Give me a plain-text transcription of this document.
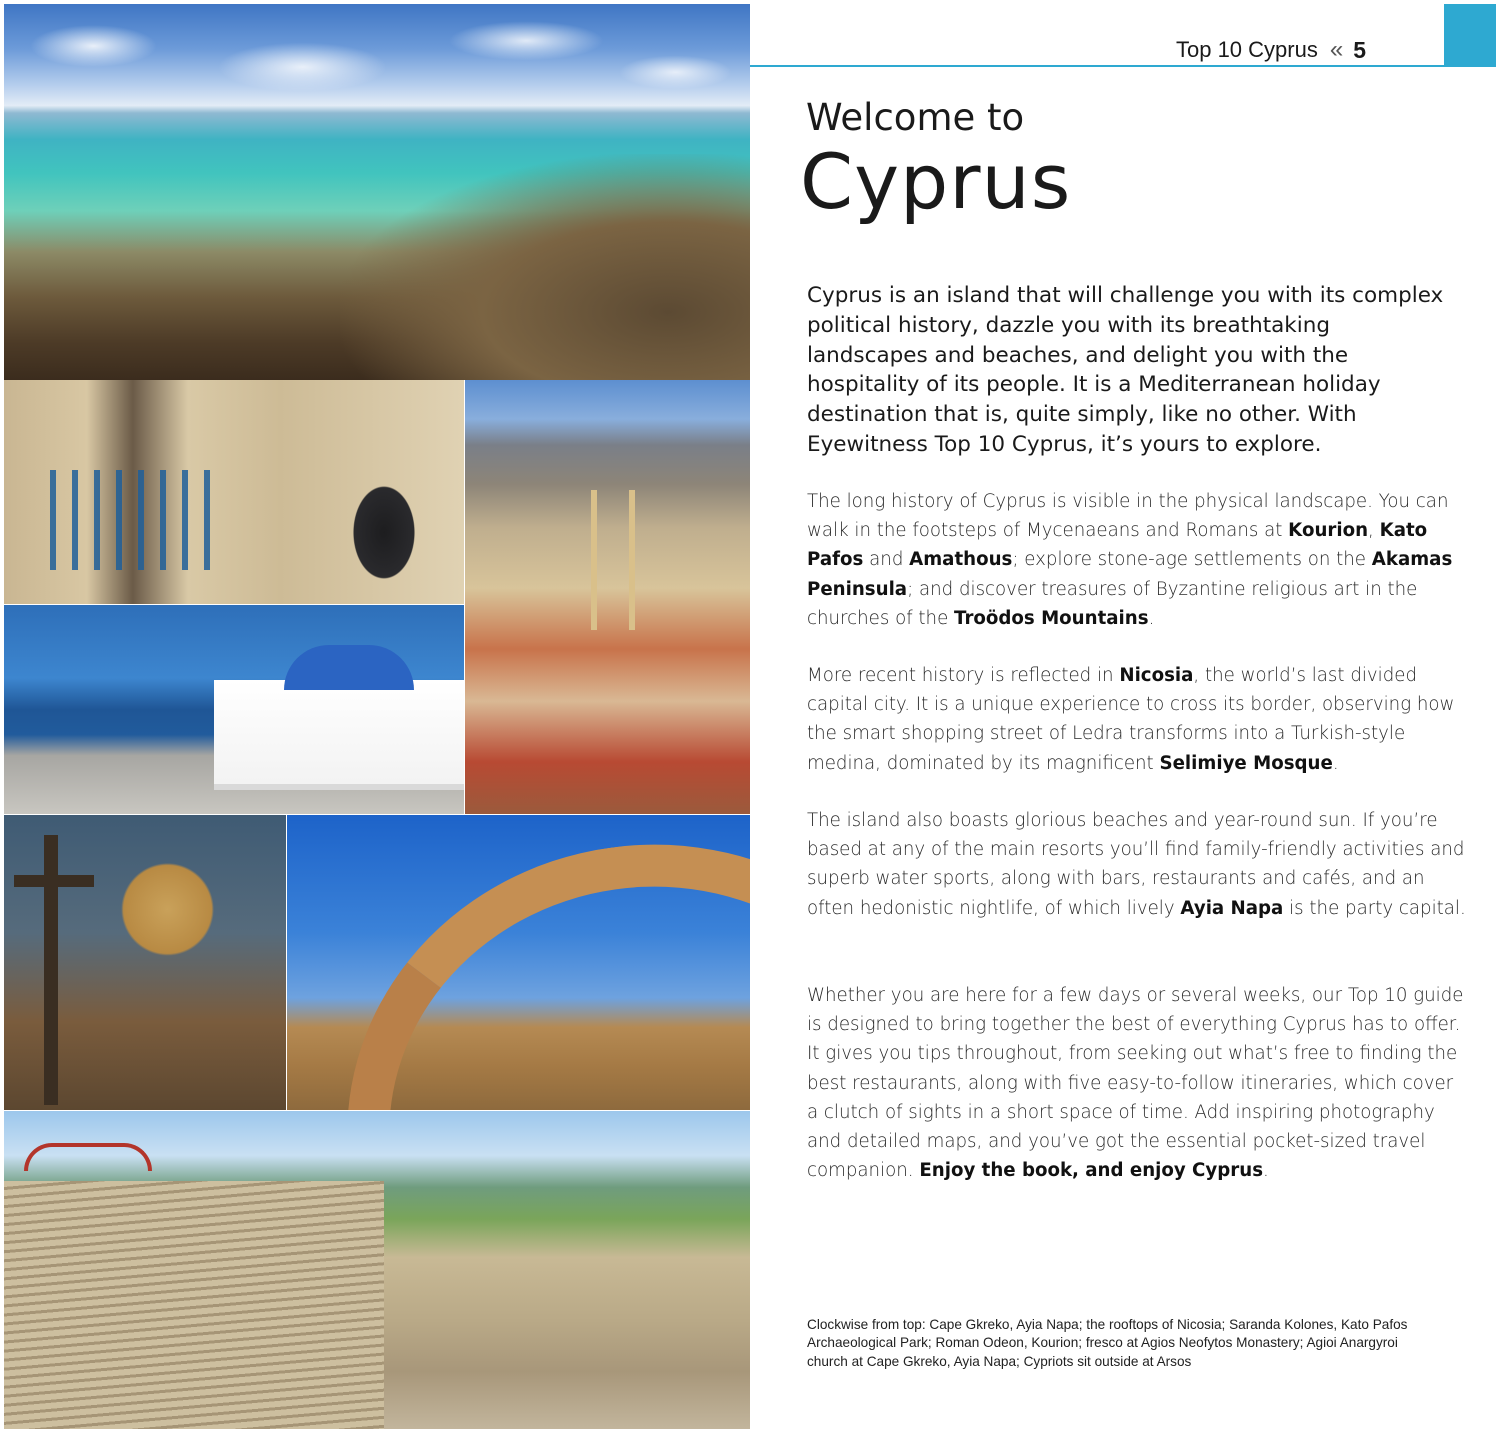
Top 10 Cyprus « 5
Welcome to
Cyprus

Cyprus is an island that will challenge you with its complex political history, dazzle you with its breathtaking landscapes and beaches, and delight you with the hospitality of its people. It is a Mediterranean holiday destination that is, quite simply, like no other. With Eyewitness Top 10 Cyprus, it’s yours to explore.

The long history of Cyprus is visible in the physical landscape. You can walk in the footsteps of Mycenaeans and Romans at Kourion, Kato Pafos and Amathous; explore stone-age settlements on the Akamas Peninsula; and discover treasures of Byzantine religious art in the churches of the Troödos Mountains.

More recent history is reflected in Nicosia, the world’s last divided capital city. It is a unique experience to cross its border, observing how the smart shopping street of Ledra transforms into a Turkish-style medina, dominated by its magnificent Selimiye Mosque.

The island also boasts glorious beaches and year-round sun. If you’re based at any of the main resorts you’ll find family-friendly activities and superb water sports, along with bars, restaurants and cafés, and an often hedonistic nightlife, of which lively Ayia Napa is the party capital.

Whether you are here for a few days or several weeks, our Top 10 guide is designed to bring together the best of everything Cyprus has to offer. It gives you tips throughout, from seeking out what’s free to finding the best restaurants, along with five easy-to-follow itineraries, which cover a clutch of sights in a short space of time. Add inspiring photography and detailed maps, and you’ve got the essential pocket-sized travel companion. Enjoy the book, and enjoy Cyprus.

Clockwise from top: Cape Gkreko, Ayia Napa; the rooftops of Nicosia; Saranda Kolones, Kato Pafos Archaeological Park; Roman Odeon, Kourion; fresco at Agios Neofytos Monastery; Agioi Anargyroi church at Cape Gkreko, Ayia Napa; Cypriots sit outside at Arsos
